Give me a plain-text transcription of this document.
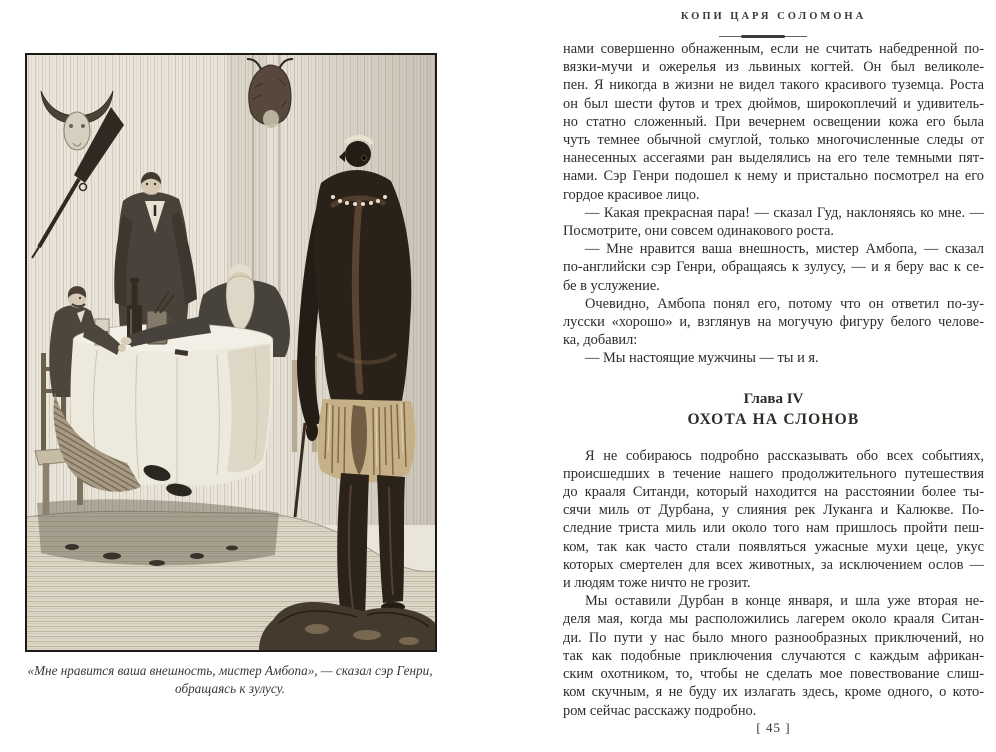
КОПИ ЦАРЯ СОЛОМОНА
«Мне нравится ваша внешность, мистер Амбопа», — сказал сэр Генри,
обращаясь к зулусу.

нами совершенно обнаженным, если не считать набедренной по-
вязки-мучи и ожерелья из львиных когтей. Он был великоле-
пен. Я никогда в жизни не видел такого красивого туземца. Роста
он был шести футов и трех дюймов, широкоплечий и удивитель-
но статно сложенный. При вечернем освещении кожа его была
чуть темнее обычной смуглой, только многочисленные следы от
нанесенных ассегаями ран выделялись на его теле темными пят-
нами. Сэр Генри подошел к нему и пристально посмотрел на его
гордое красивое лицо.

— Какая прекрасная пара! — сказал Гуд, наклоняясь ко мне. —
Посмотрите, они совсем одинакового роста.

— Мне нравится ваша внешность, мистер Амбопа, — сказал
по-английски сэр Генри, обращаясь к зулусу, — и я беру вас к се-
бе в услужение.

Очевидно, Амбопа понял его, потому что он ответил по-зу-
лусски «хорошо» и, взглянув на могучую фигуру белого челове-
ка, добавил:

— Мы настоящие мужчины — ты и я.

Глава IV
ОХОТА НА СЛОНОВ

Я не собираюсь подробно рассказывать обо всех событиях,
происшедших в течение нашего продолжительного путешествия
до крааля Ситанди, который находится на расстоянии более ты-
сячи миль от Дурбана, у слияния рек Луканга и Калюкве. По-
следние триста миль или около того нам пришлось пройти пеш-
ком, так как часто стали появляться ужасные мухи цеце, укус
которых смертелен для всех животных, за исключением ослов —
и людям тоже ничто не грозит.

Мы оставили Дурбан в конце января, и шла уже вторая не-
деля мая, когда мы расположились лагерем около крааля Ситан-
ди. По пути у нас было много разнообразных приключений, но
так как подобные приключения случаются с каждым африкан-
ским охотником, то, чтобы не сделать мое повествование слиш-
ком скучным, я не буду их излагать здесь, кроме одного, о кото-
ром сейчас расскажу подробно.

[ 45 ]
